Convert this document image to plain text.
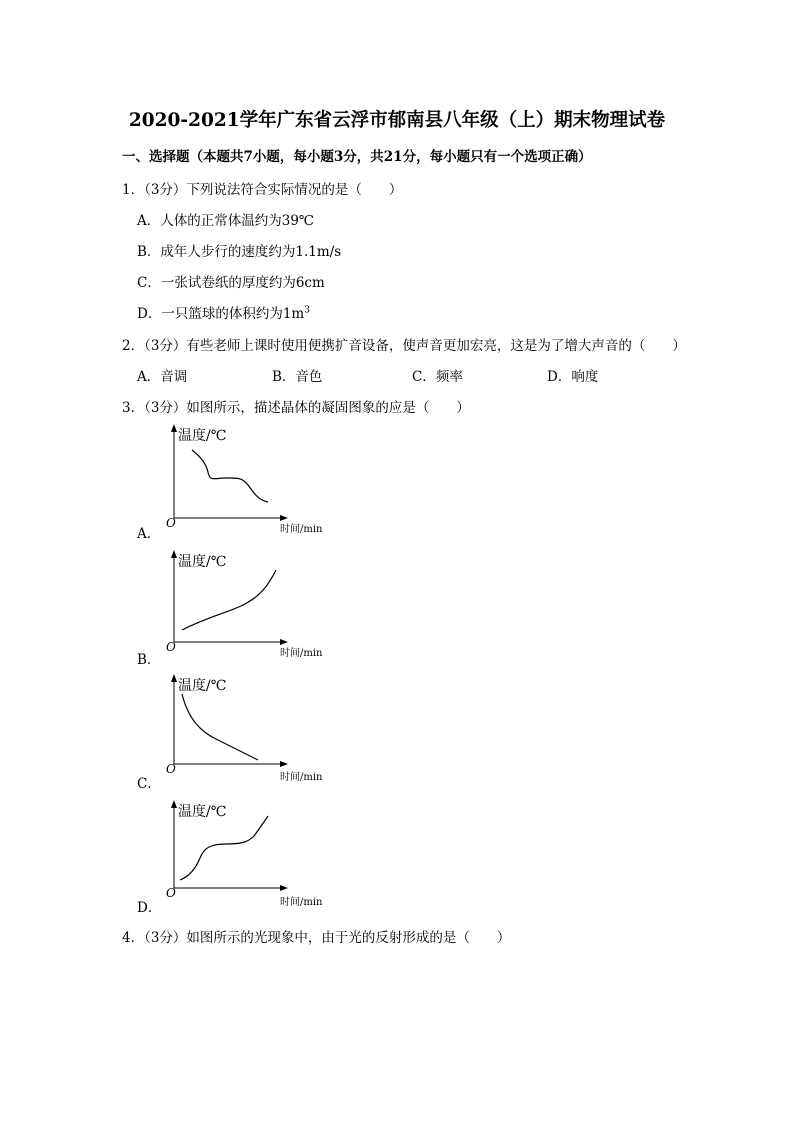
2020-2021学年广东省云浮市郁南县八年级（上）期末物理试卷
一、选择题（本题共7小题，每小题3分，共21分，每小题只有一个选项正确）
1．（3分）下列说法符合实际情况的是（　　）
A．人体的正常体温约为39℃
B．成年人步行的速度约为1.1m/s
C．一张试卷纸的厚度约为6cm
D．一只篮球的体积约为$1m^3$
2．（3分）有些老师上课时使用便携扩音设备，使声音更加宏亮，这是为了增大声音的（　　）
A．音调	B．音色	C．频率	D．响度
3．（3分）如图所示，描述晶体的凝固图象的应是（　　）
温度/℃
O	时间/min
A．
温度/℃
O	时间/min
B．
温度/℃
O
时间/min
C．
温度/℃
O
时间/min
D．
4．（3分）如图所示的光现象中，由于光的反射形成的是（　　）
